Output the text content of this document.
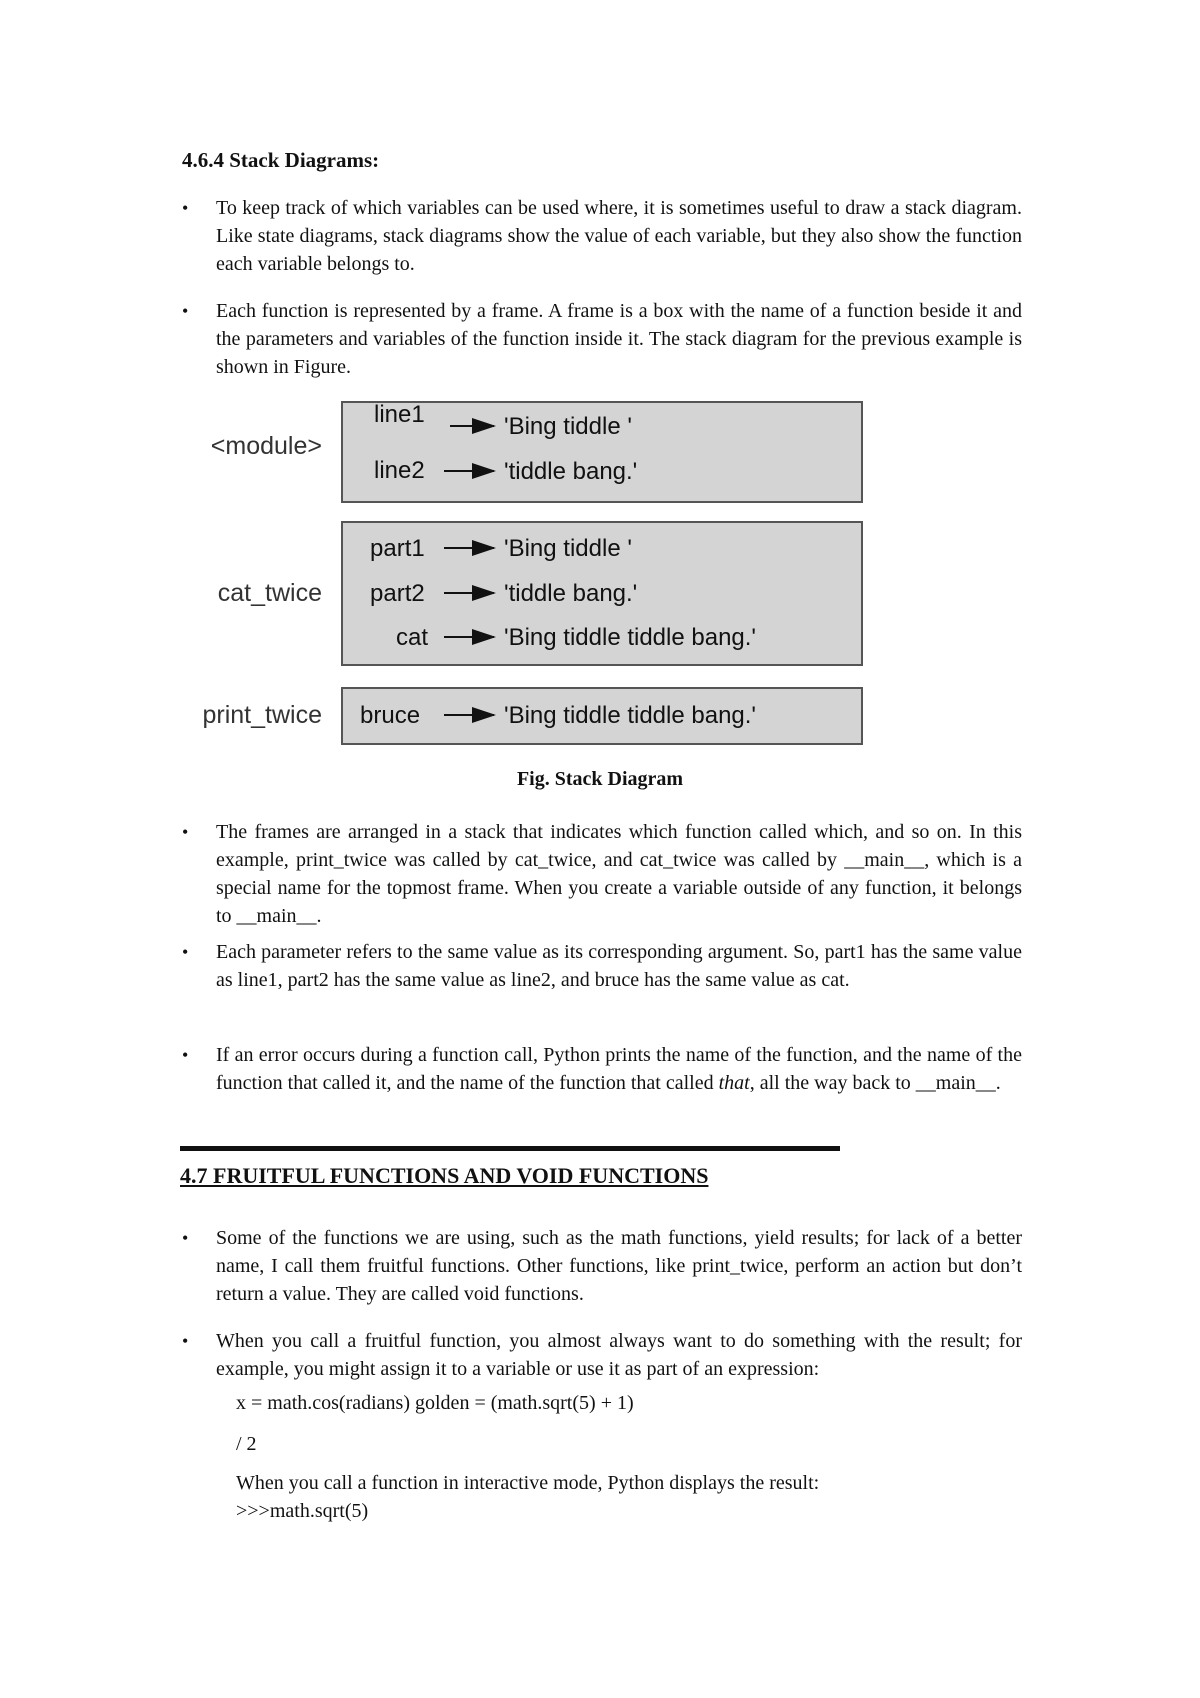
4.6.4 Stack Diagrams:
• To keep track of which variables can be used where, it is sometimes useful to draw a stack diagram. Like state diagrams, stack diagrams show the value of each variable, but they also show the function each variable belongs to.
• Each function is represented by a frame. A frame is a box with the name of a function beside it and the parameters and variables of the function inside it. The stack diagram for the previous example is shown in Figure.
<module>
line1	'Bing tiddle '
line2	'tiddle bang.'
cat_twice
part1	'Bing tiddle '
part2	'tiddle bang.'
cat	'Bing tiddle tiddle bang.'
print_twice bruce	'Bing tiddle tiddle bang.'
Fig. Stack Diagram
• The frames are arranged in a stack that indicates which function called which, and so on. In this example, print_twice was called by cat_twice, and cat_twice was called by __main__, which is a special name for the topmost frame. When you create a variable outside of any function, it belongs to __main__.
• Each parameter refers to the same value as its corresponding argument. So, part1 has the same value as line1, part2 has the same value as line2, and bruce has the same value as cat.
• If an error occurs during a function call, Python prints the name of the function, and the name of the function that called it, and the name of the function that called that, all the way back to __main__.
4.7 FRUITFUL FUNCTIONS AND VOID FUNCTIONS
• Some of the functions we are using, such as the math functions, yield results; for lack of a better name, I call them fruitful functions. Other functions, like print_twice, perform an action but don’t return a value. They are called void functions.
• When you call a fruitful function, you almost always want to do something with the result; for example, you might assign it to a variable or use it as part of an expression:
x = math.cos(radians) golden = (math.sqrt(5) + 1)
/ 2
When you call a function in interactive mode, Python displays the result:
>>>math.sqrt(5)
